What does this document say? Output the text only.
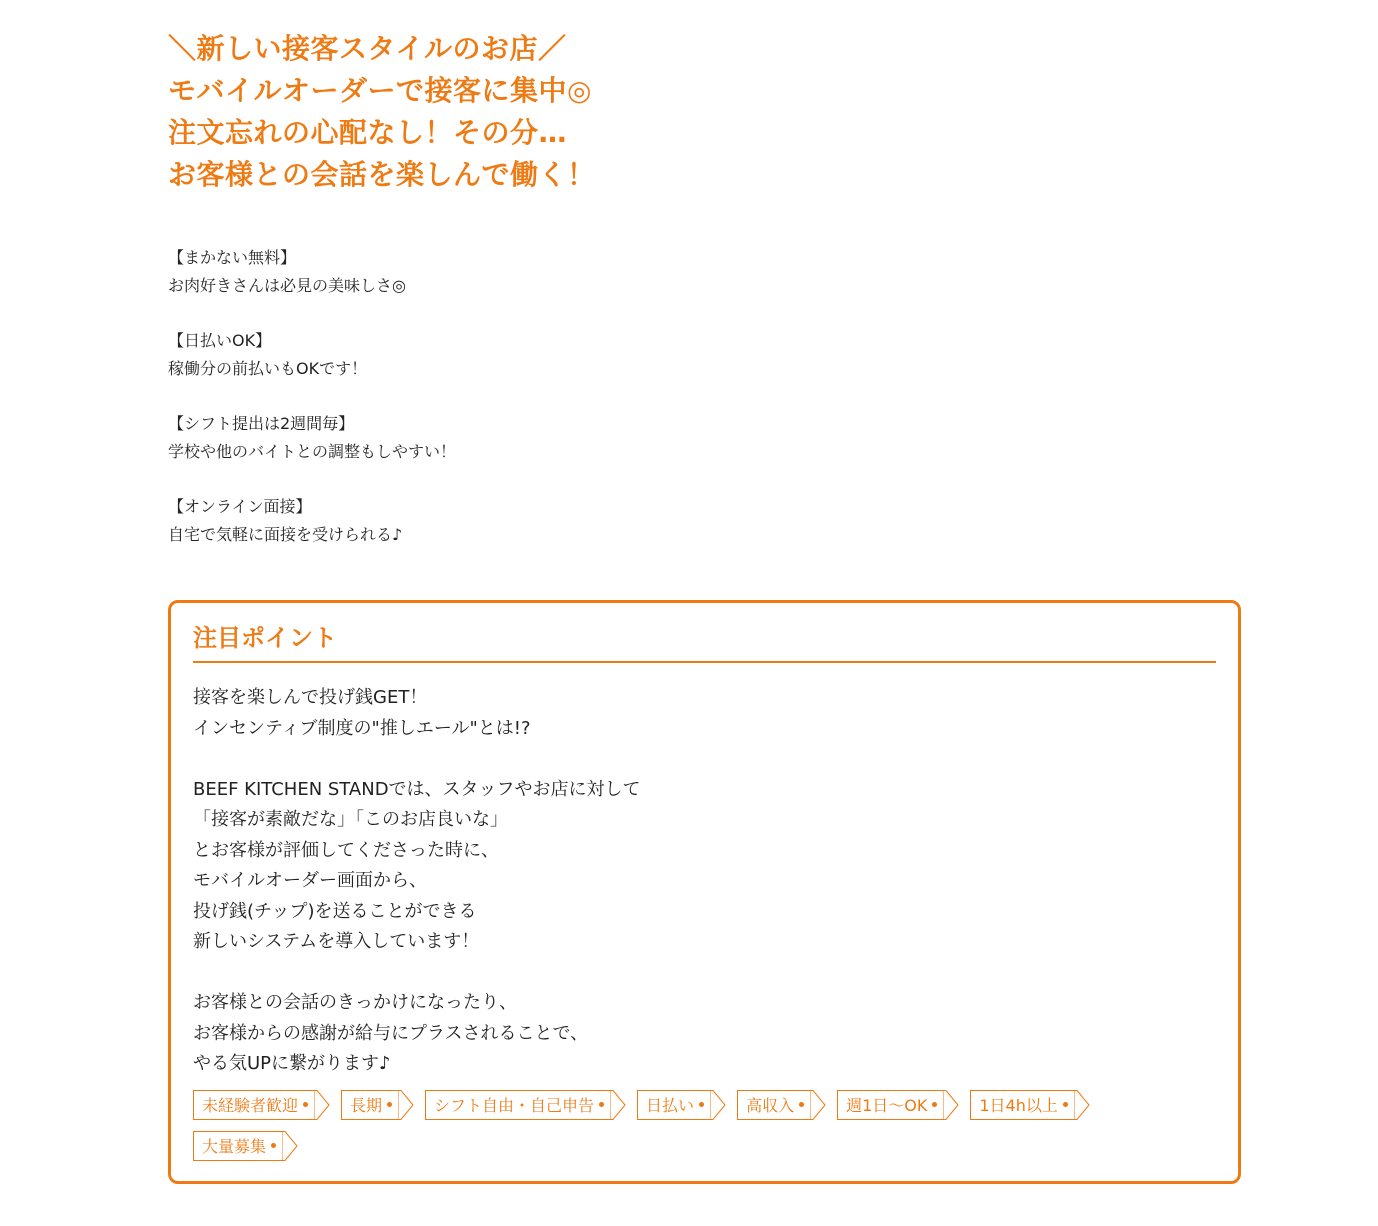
＼新しい接客スタイルのお店／
モバイルオーダーで接客に集中◎
注文忘れの心配なし！その分…
お客様との会話を楽しんで働く！
【まかない無料】
お肉好きさんは必見の美味しさ◎
【日払いOK】
稼働分の前払いもOKです！
【シフト提出は2週間毎】
学校や他のバイトとの調整もしやすい！
【オンライン面接】
自宅で気軽に面接を受けられる♪
注目ポイント
接客を楽しんで投げ銭GET！
インセンティブ制度の"推しエール"とは!?
BEEF KITCHEN STANDでは、スタッフやお店に対して
「接客が素敵だな」「このお店良いな」
とお客様が評価してくださった時に、
モバイルオーダー画面から、
投げ銭(チップ)を送ることができる
新しいシステムを導入しています！
お客様との会話のきっかけになったり、
お客様からの感謝が給与にプラスされることで、
やる気UPに繋がります♪
未経験者歓迎	長期	シフト自由・自己申告	日払い	高収入	週1日〜OK	1日4h以上
大量募集
